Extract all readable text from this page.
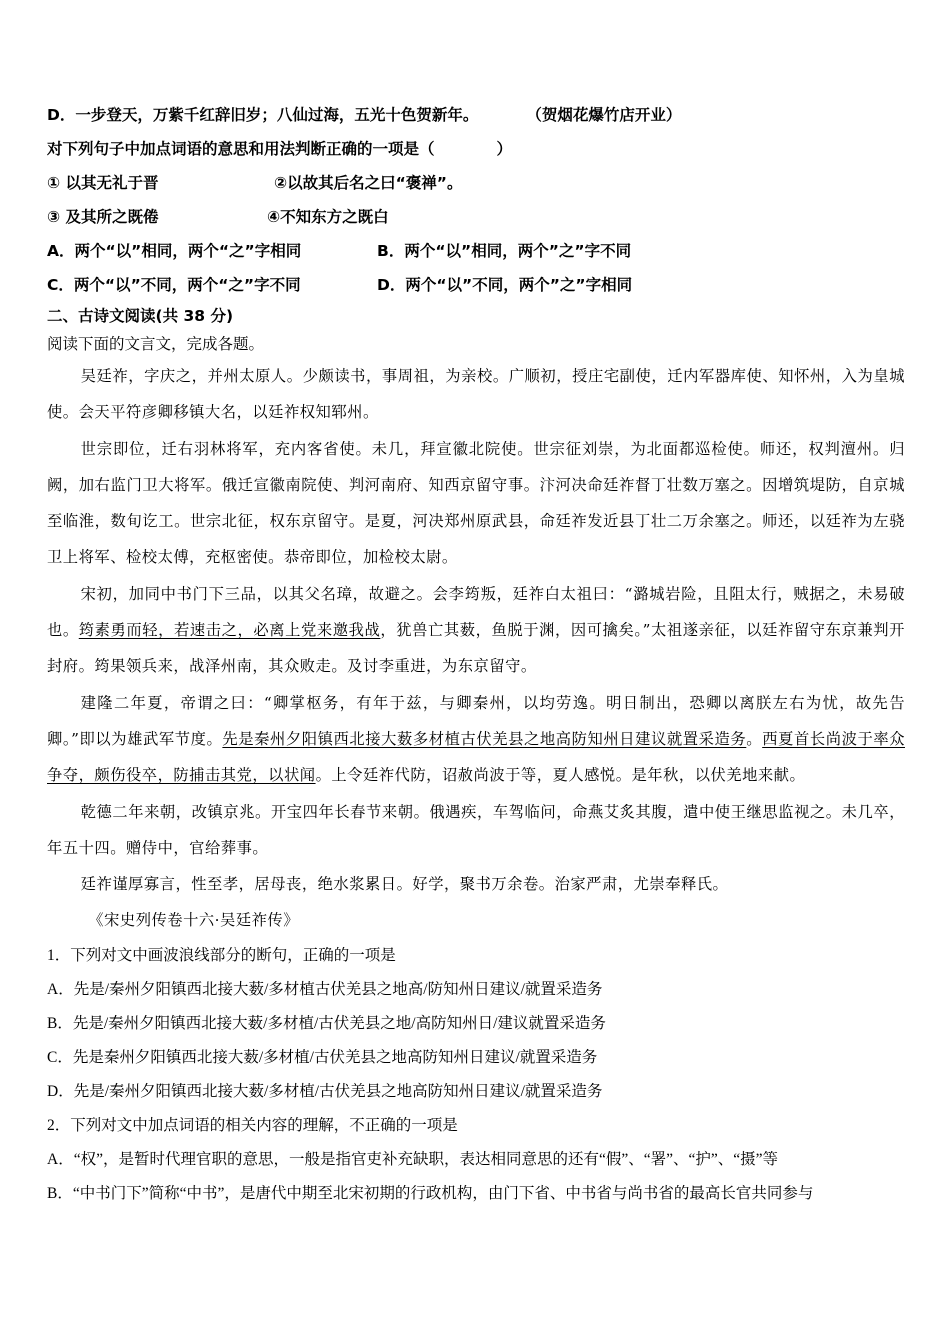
D．一步登天，万紫千红辞旧岁；八仙过海，五光十色贺新年。	（贺烟花爆竹店开业）
对下列句子中加点词语的意思和用法判断正确的一项是（　　　　）
① 以其无礼于晋	②以故其后名之曰“褒禅”。
③ 及其所之既倦	④不知东方之既白
A．两个“以”相同，两个“之”字相同	B．两个“以”相同，两个”之”字不同
C．两个“以”不同，两个“之”字不同	D．两个“以”不同，两个”之”字相同
二、古诗文阅读(共 38 分)
阅读下面的文言文，完成各题。

吴廷祚，字庆之，并州太原人。少颇读书，事周祖，为亲校。广顺初，授庄宅副使，迁内军器库使、知怀州，入为皇城使。会天平符彦卿移镇大名，以廷祚权知郓州。

世宗即位，迁右羽林将军，充内客省使。未几，拜宣徽北院使。世宗征刘崇，为北面都巡检使。师还，权判澶州。归阙，加右监门卫大将军。俄迁宣徽南院使、判河南府、知西京留守事。汴河决命廷祚督丁壮数万塞之。因增筑堤防，自京城至临淮，数旬讫工。世宗北征，权东京留守。是夏，河决郑州原武县，命廷祚发近县丁壮二万余塞之。师还，以廷祚为左骁卫上将军、检校太傅，充枢密使。恭帝即位，加检校太尉。

宋初，加同中书门下三品，以其父名璋，故避之。会李筠叛，廷祚白太祖曰：“潞城岩险，且阻太行，贼据之，未易破也。筠素勇而轻，若速击之，必离上党来邀我战，犹兽亡其薮，鱼脱于渊，因可擒矣。”太祖遂亲征，以廷祚留守东京兼判开封府。筠果领兵来，战泽州南，其众败走。及讨李重进，为东京留守。

建隆二年夏，帝谓之曰：“卿掌枢务，有年于兹，与卿秦州，以均劳逸。明日制出，恐卿以离朕左右为忧，故先告卿。”即以为雄武军节度。先是秦州夕阳镇西北接大薮多材植古伏羌县之地高防知州日建议就置采造务。西夏首长尚波于率众争夺，颇伤役卒，防捕击其党，以状闻。上令廷祚代防，诏赦尚波于等，夏人感悦。是年秋，以伏羌地来献。

乾德二年来朝，改镇京兆。开宝四年长春节来朝。俄遇疾，车驾临问，命燕艾炙其腹，遣中使王继思监视之。未几卒，年五十四。赠侍中，官给葬事。

廷祚谨厚寡言，性至孝，居母丧，绝水浆累日。好学，聚书万余卷。治家严肃，尤崇奉释氏。

《宋史列传卷十六·吴廷祚传》

1．下列对文中画波浪线部分的断句，正确的一项是

A．先是/秦州夕阳镇西北接大薮/多材植古伏羌县之地高/防知州日建议/就置采造务

B．先是/秦州夕阳镇西北接大薮/多材植/古伏羌县之地/高防知州日/建议就置采造务

C．先是秦州夕阳镇西北接大薮/多材植/古伏羌县之地高防知州日建议/就置采造务

D．先是/秦州夕阳镇西北接大薮/多材植/古伏羌县之地高防知州日建议/就置采造务

2．下列对文中加点词语的相关内容的理解，不正确的一项是

A．“权”，是暂时代理官职的意思，一般是指官吏补充缺职，表达相同意思的还有“假”、“署”、“护”、“摄”等

B．“中书门下”简称“中书”，是唐代中期至北宋初期的行政机构，由门下省、中书省与尚书省的最高长官共同参与
